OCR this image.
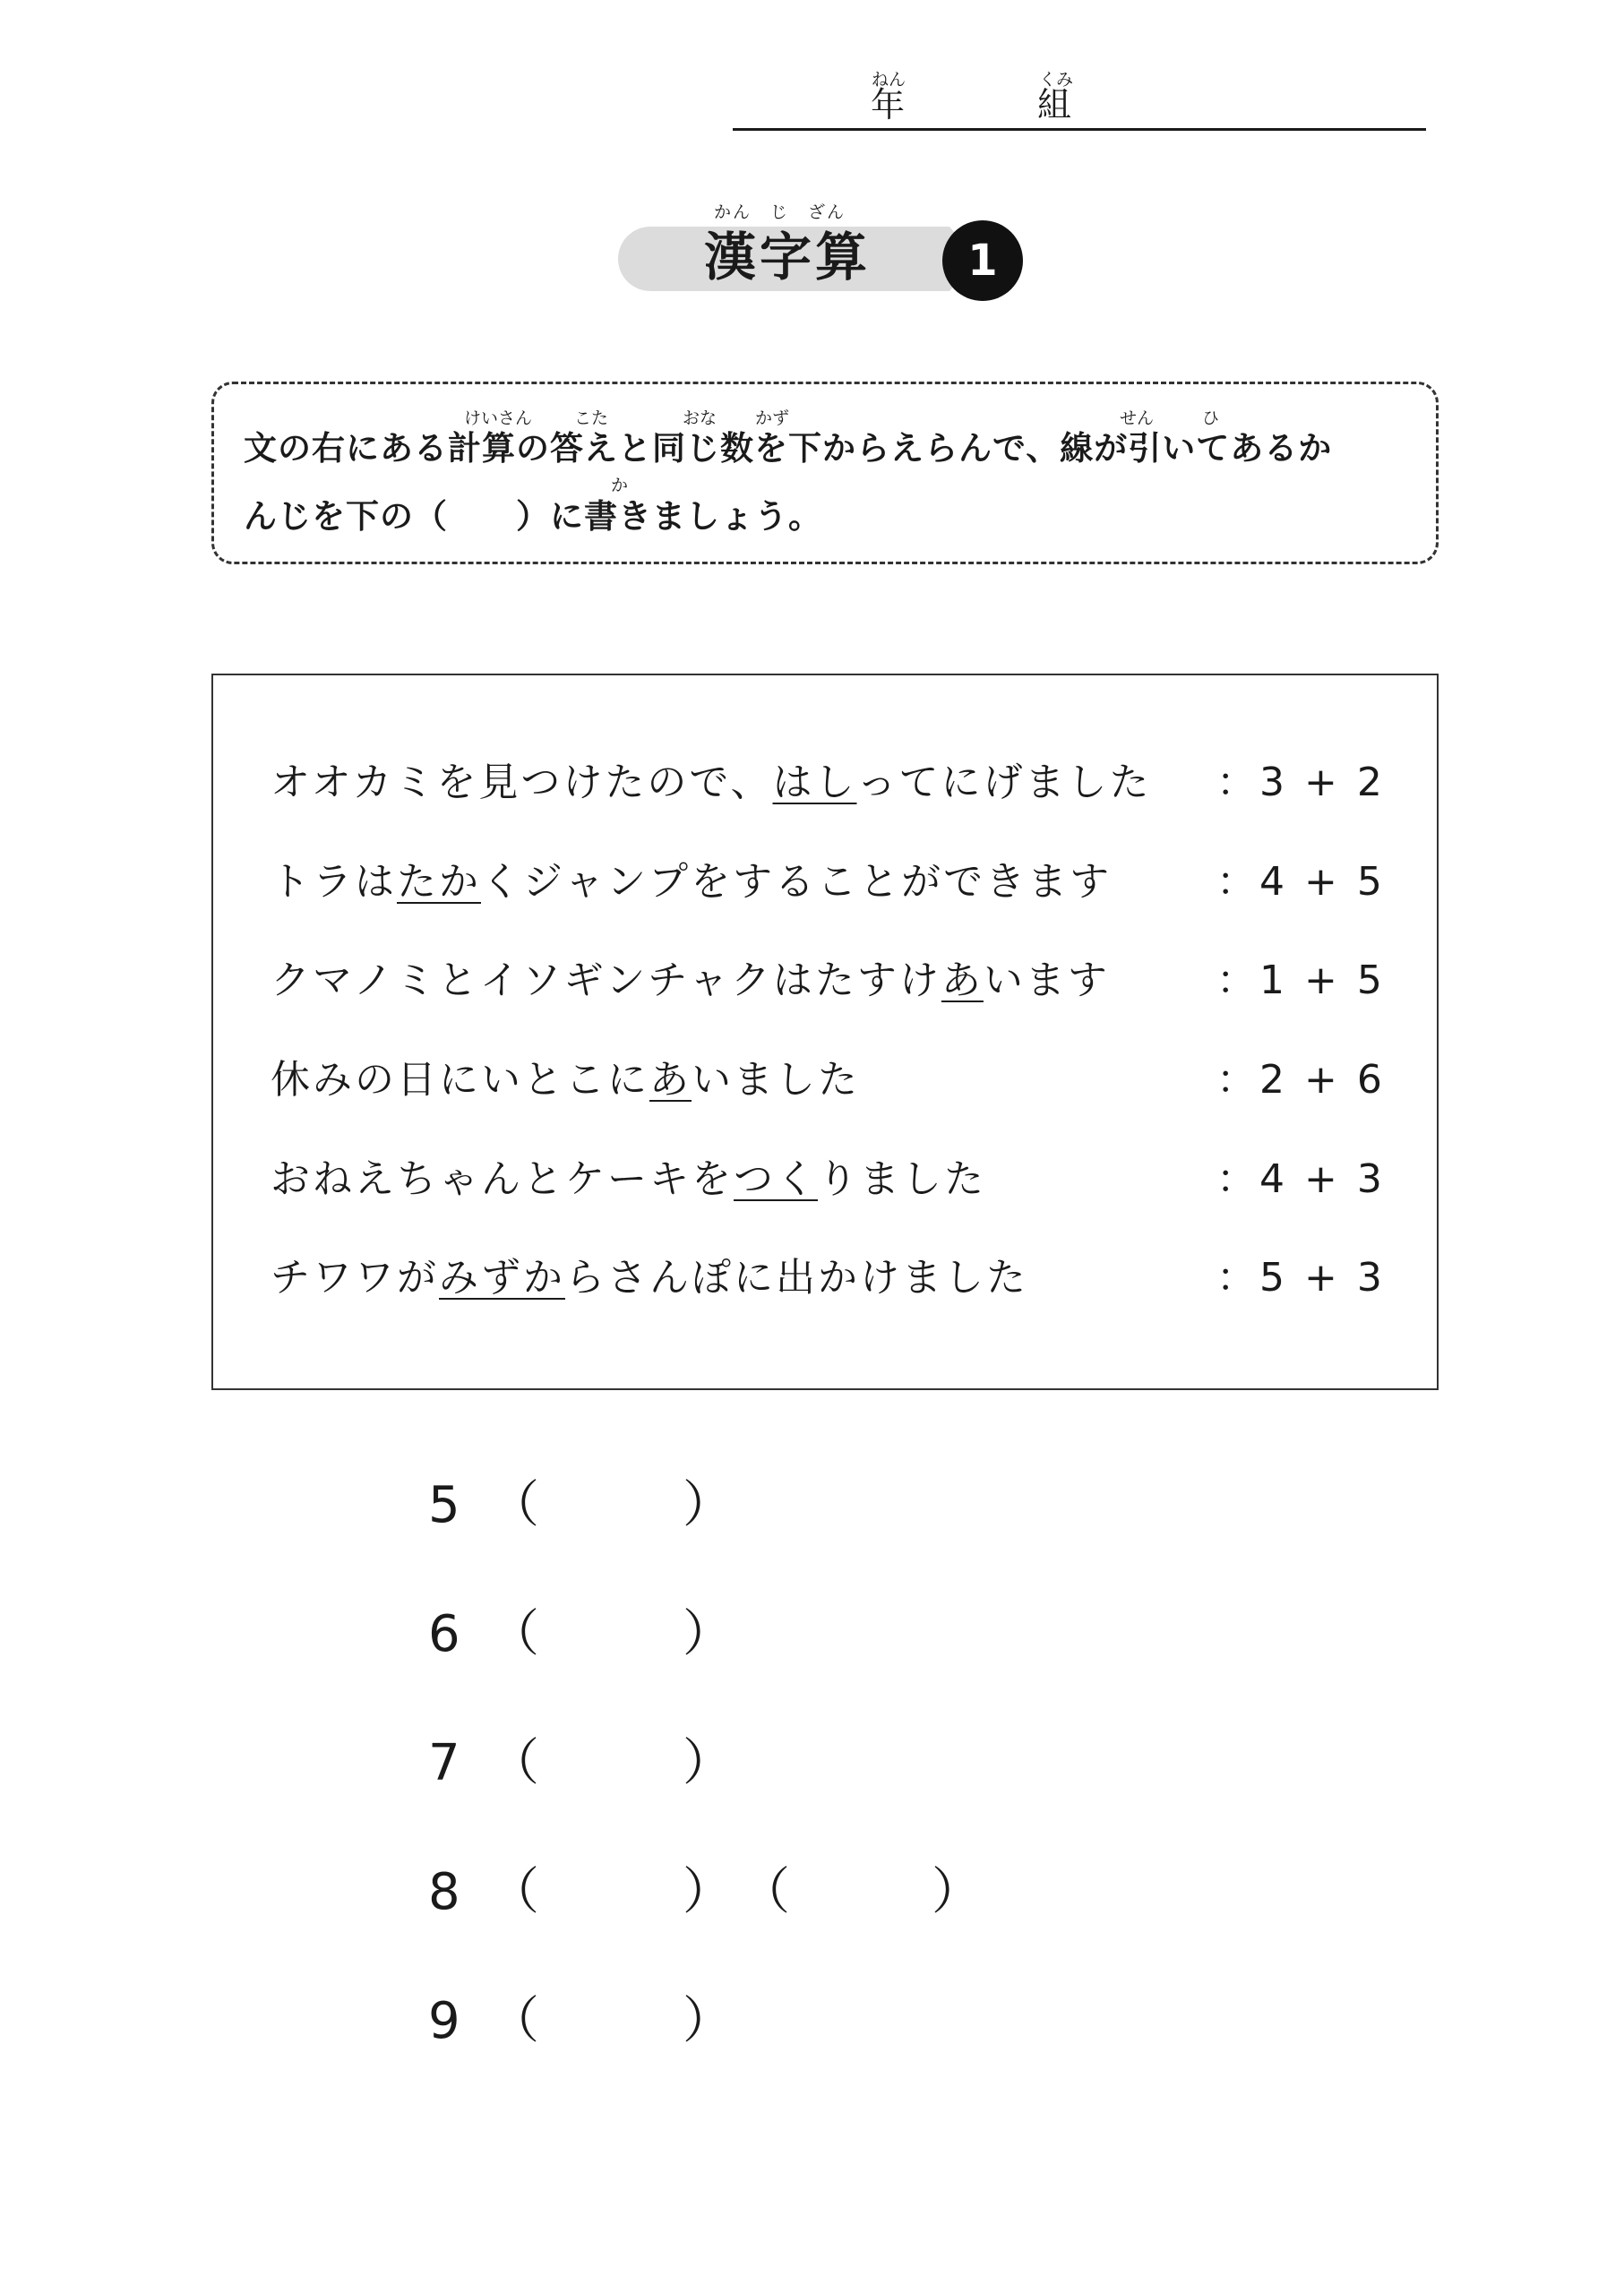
ねん
年
くみ
組
かん　じ　ざん
漢字算	1
けいさん こた	おな かず	せん	ひ
文の右にある計算の答えと同じ数を下からえらんで、線が引いてあるか
か
んじを下の（　　）に書きましょう。
オオカミを見つけたので、はしってにげました ：3 + 2
トラはたかくジャンプをすることができます	：4 + 5
クマノミとイソギンチャクはたすけあいます	：1 + 5
休みの日にいとこにあいました	：2 + 6
おねえちゃんとケーキをつくりました	：4 + 3
チワワがみずからさんぽに出かけました	：5 + 3
5 （	）
6 （	）
7 （	）
8 （	） （	）
9 （	）
